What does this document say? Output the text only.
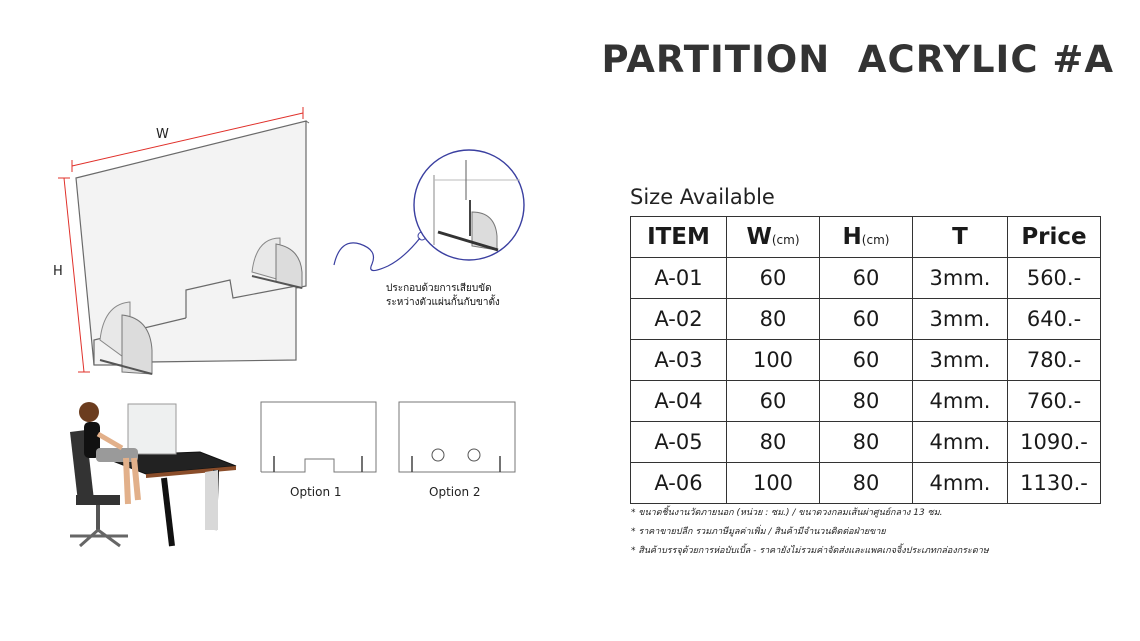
PARTITION  ACRYLIC #A
W
H
ประกอบด้วยการเสียบขัด
ระหว่างตัวแผ่นกั้นกับขาตั้ง
Option 1	Option 2
Size Available
ITEM	W(cm)	H(cm)	T	Price
A-01	60	60	3mm.	560.-
A-02	80	60	3mm.	640.-
A-03	100	60	3mm.	780.-
A-04	60	80	4mm.	760.-
A-05	80	80	4mm.	1090.-
A-06	100	80	4mm.	1130.-
* ขนาดชิ้นงานวัดภายนอก (หน่วย : ซม.) / ขนาดวงกลมเส้นผ่าศูนย์กลาง 13 ซม.
* ราคาขายปลีก รวมภาษีมูลค่าเพิ่ม / สินค้ามีจำนวนติดต่อฝ่ายขาย
* สินค้าบรรจุด้วยการห่อบับเบิ้ล - ราคายังไม่รวมค่าจัดส่งและแพคเกจจิ้งประเภทกล่องกระดาษ
